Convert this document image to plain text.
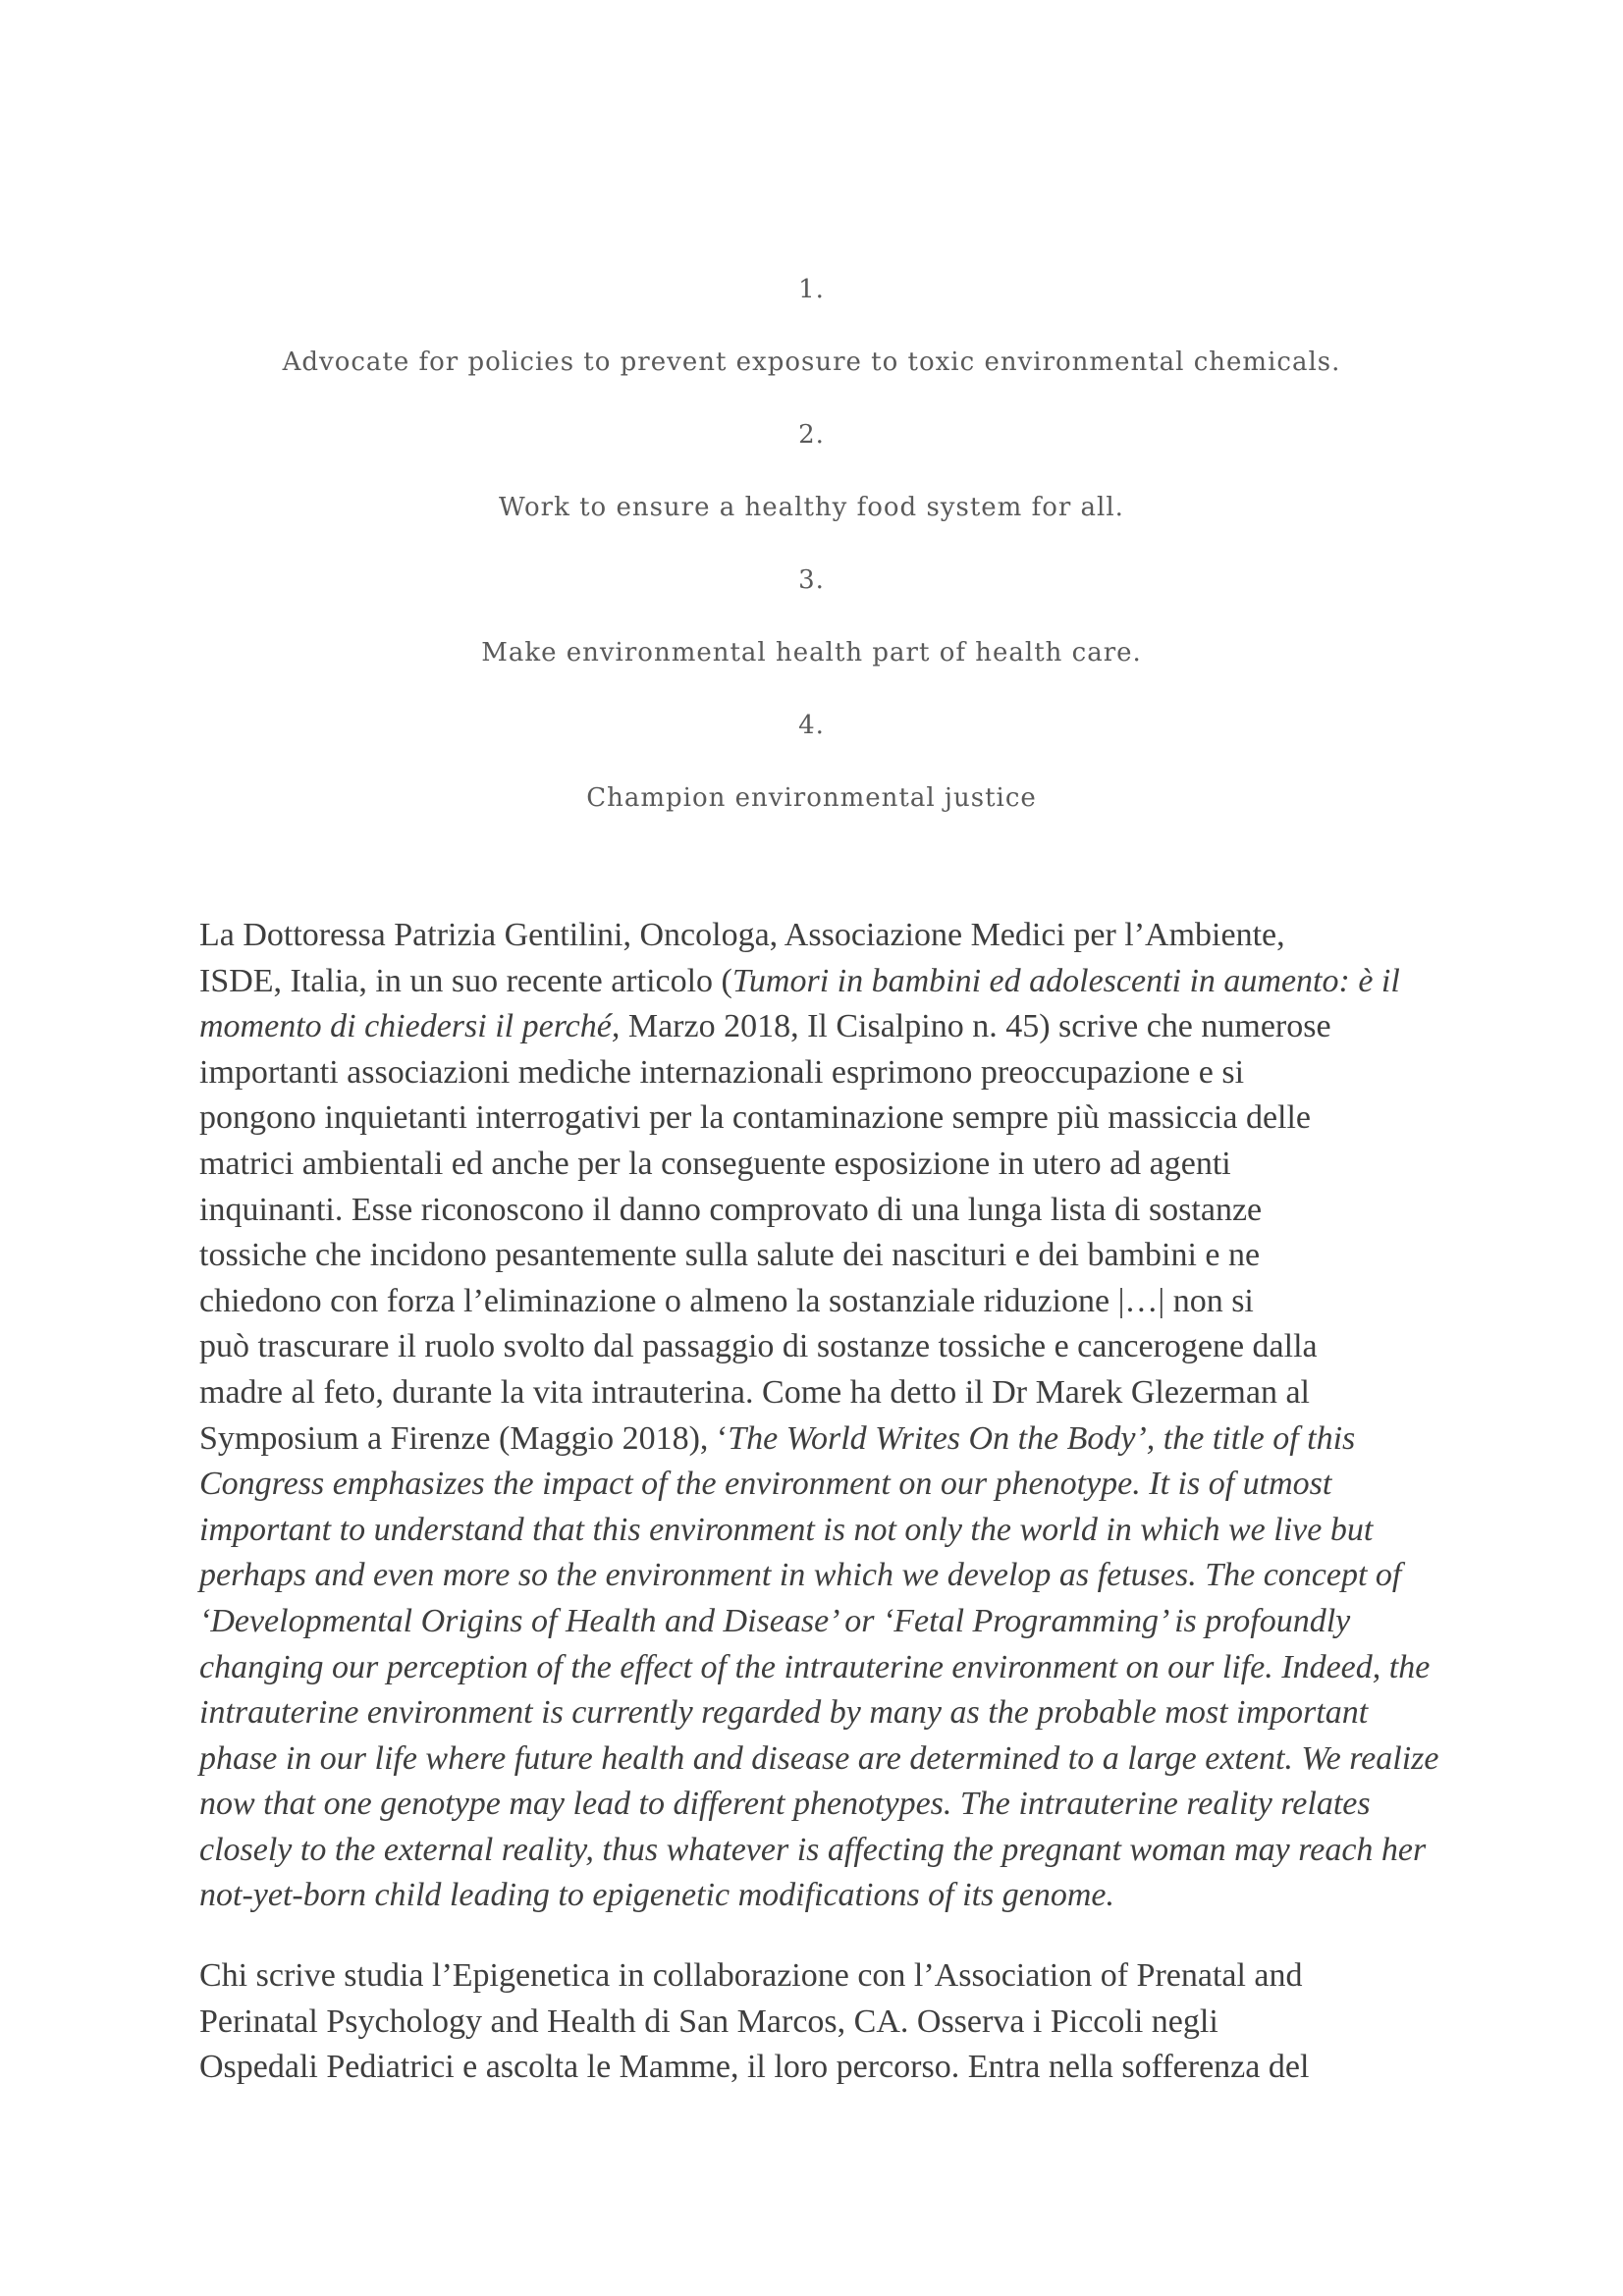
1.
Advocate for policies to prevent exposure to toxic environmental chemicals.
2.
Work to ensure a healthy food system for all.
3.
Make environmental health part of health care.
4.
Champion environmental justice
La Dottoressa Patrizia Gentilini, Oncologa, Associazione Medici per l’Ambiente,
ISDE, Italia, in un suo recente articolo (Tumori in bambini ed adolescenti in aumento: è il
momento di chiedersi il perché, Marzo 2018, Il Cisalpino n. 45) scrive che numerose
importanti associazioni mediche internazionali esprimono preoccupazione e si
pongono inquietanti interrogativi per la contaminazione sempre più massiccia delle
matrici ambientali ed anche per la conseguente esposizione in utero ad agenti
inquinanti. Esse riconoscono il danno comprovato di una lunga lista di sostanze
tossiche che incidono pesantemente sulla salute dei nascituri e dei bambini e ne
chiedono con forza l’eliminazione o almeno la sostanziale riduzione |…| non si
può trascurare il ruolo svolto dal passaggio di sostanze tossiche e cancerogene dalla
madre al feto, durante la vita intrauterina. Come ha detto il Dr Marek Glezerman al
Symposium a Firenze (Maggio 2018), ‘The World Writes On the Body’, the title of this
Congress emphasizes the impact of the environment on our phenotype. It is of utmost
important to understand that this environment is not only the world in which we live but
perhaps and even more so the environment in which we develop as fetuses. The concept of
‘Developmental Origins of Health and Disease’ or ‘Fetal Programming’ is profoundly
changing our perception of the effect of the intrauterine environment on our life. Indeed, the
intrauterine environment is currently regarded by many as the probable most important
phase in our life where future health and disease are determined to a large extent. We realize
now that one genotype may lead to different phenotypes. The intrauterine reality relates
closely to the external reality, thus whatever is affecting the pregnant woman may reach her
not-yet-born child leading to epigenetic modifications of its genome.
Chi scrive studia l’Epigenetica in collaborazione con l’Association of Prenatal and
Perinatal Psychology and Health di San Marcos, CA. Osserva i Piccoli negli
Ospedali Pediatrici e ascolta le Mamme, il loro percorso. Entra nella sofferenza del
